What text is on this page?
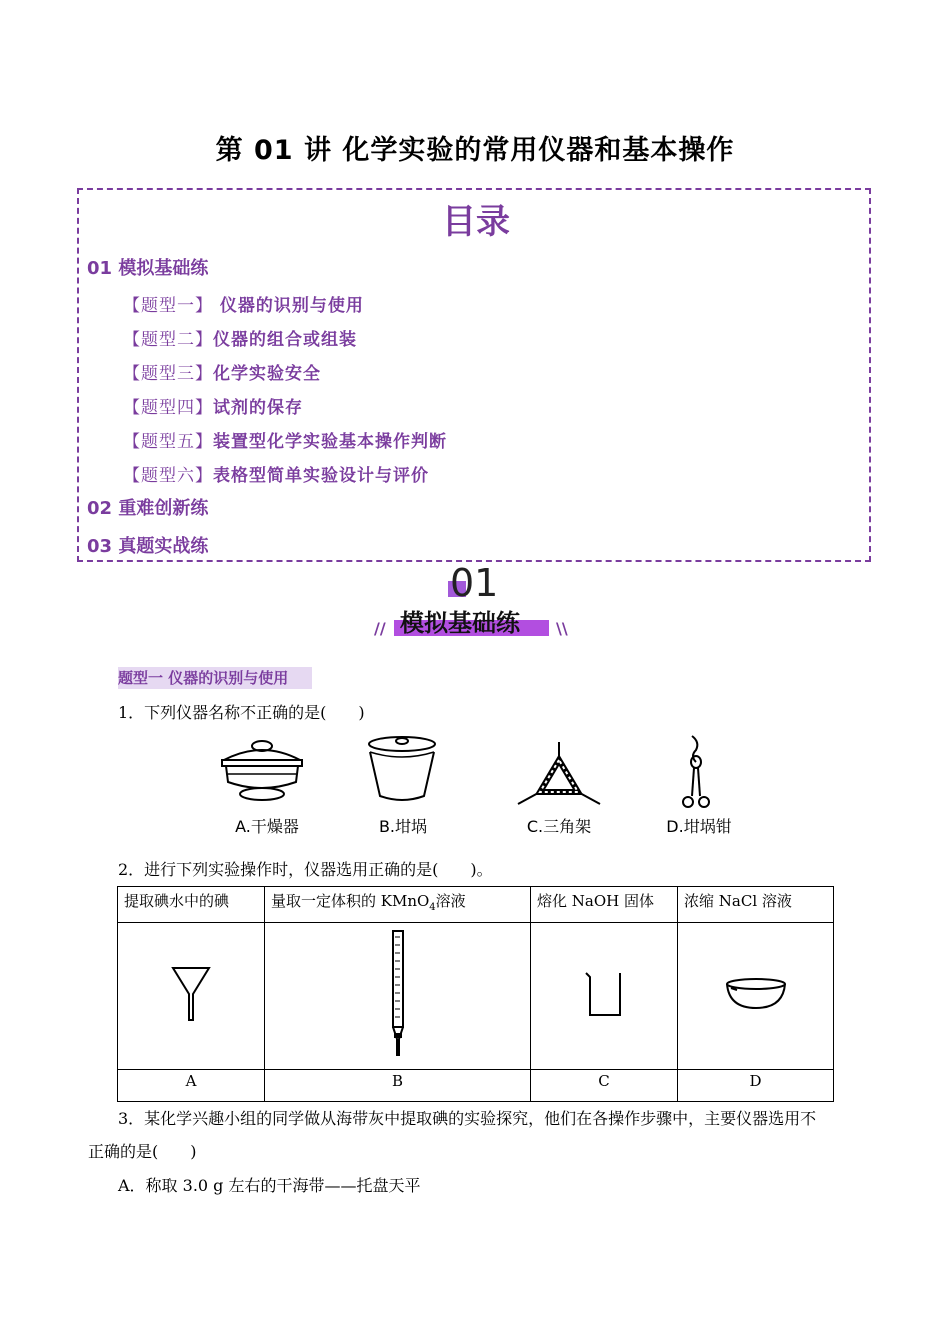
第 01 讲 化学实验的常用仪器和基本操作
目录
01 模拟基础练
【题型一】 仪器的识别与使用
【题型二】仪器的组合或组装
【题型三】化学实验安全
【题型四】试剂的保存
【题型五】装置型化学实验基本操作判断
【题型六】表格型简单实验设计与评价
02 重难创新练
03 真题实战练
01
模拟基础练
//	\\
题型一 仪器的识别与使用
1．下列仪器名称不正确的是(　　)
A.干燥器	B.坩埚	C.三角架	D.坩埚钳
2．进行下列实验操作时，仪器选用正确的是(　　)。
提取碘水中的碘	量取一定体积的 KMnO$_4$溶液	熔化 NaOH 固体	浓缩 NaCl 溶液

A	B	C	D
3．某化学兴趣小组的同学做从海带灰中提取碘的实验探究，他们在各操作步骤中，主要仪器选用不
正确的是(　　)
A．称取 3.0 g 左右的干海带——托盘天平
